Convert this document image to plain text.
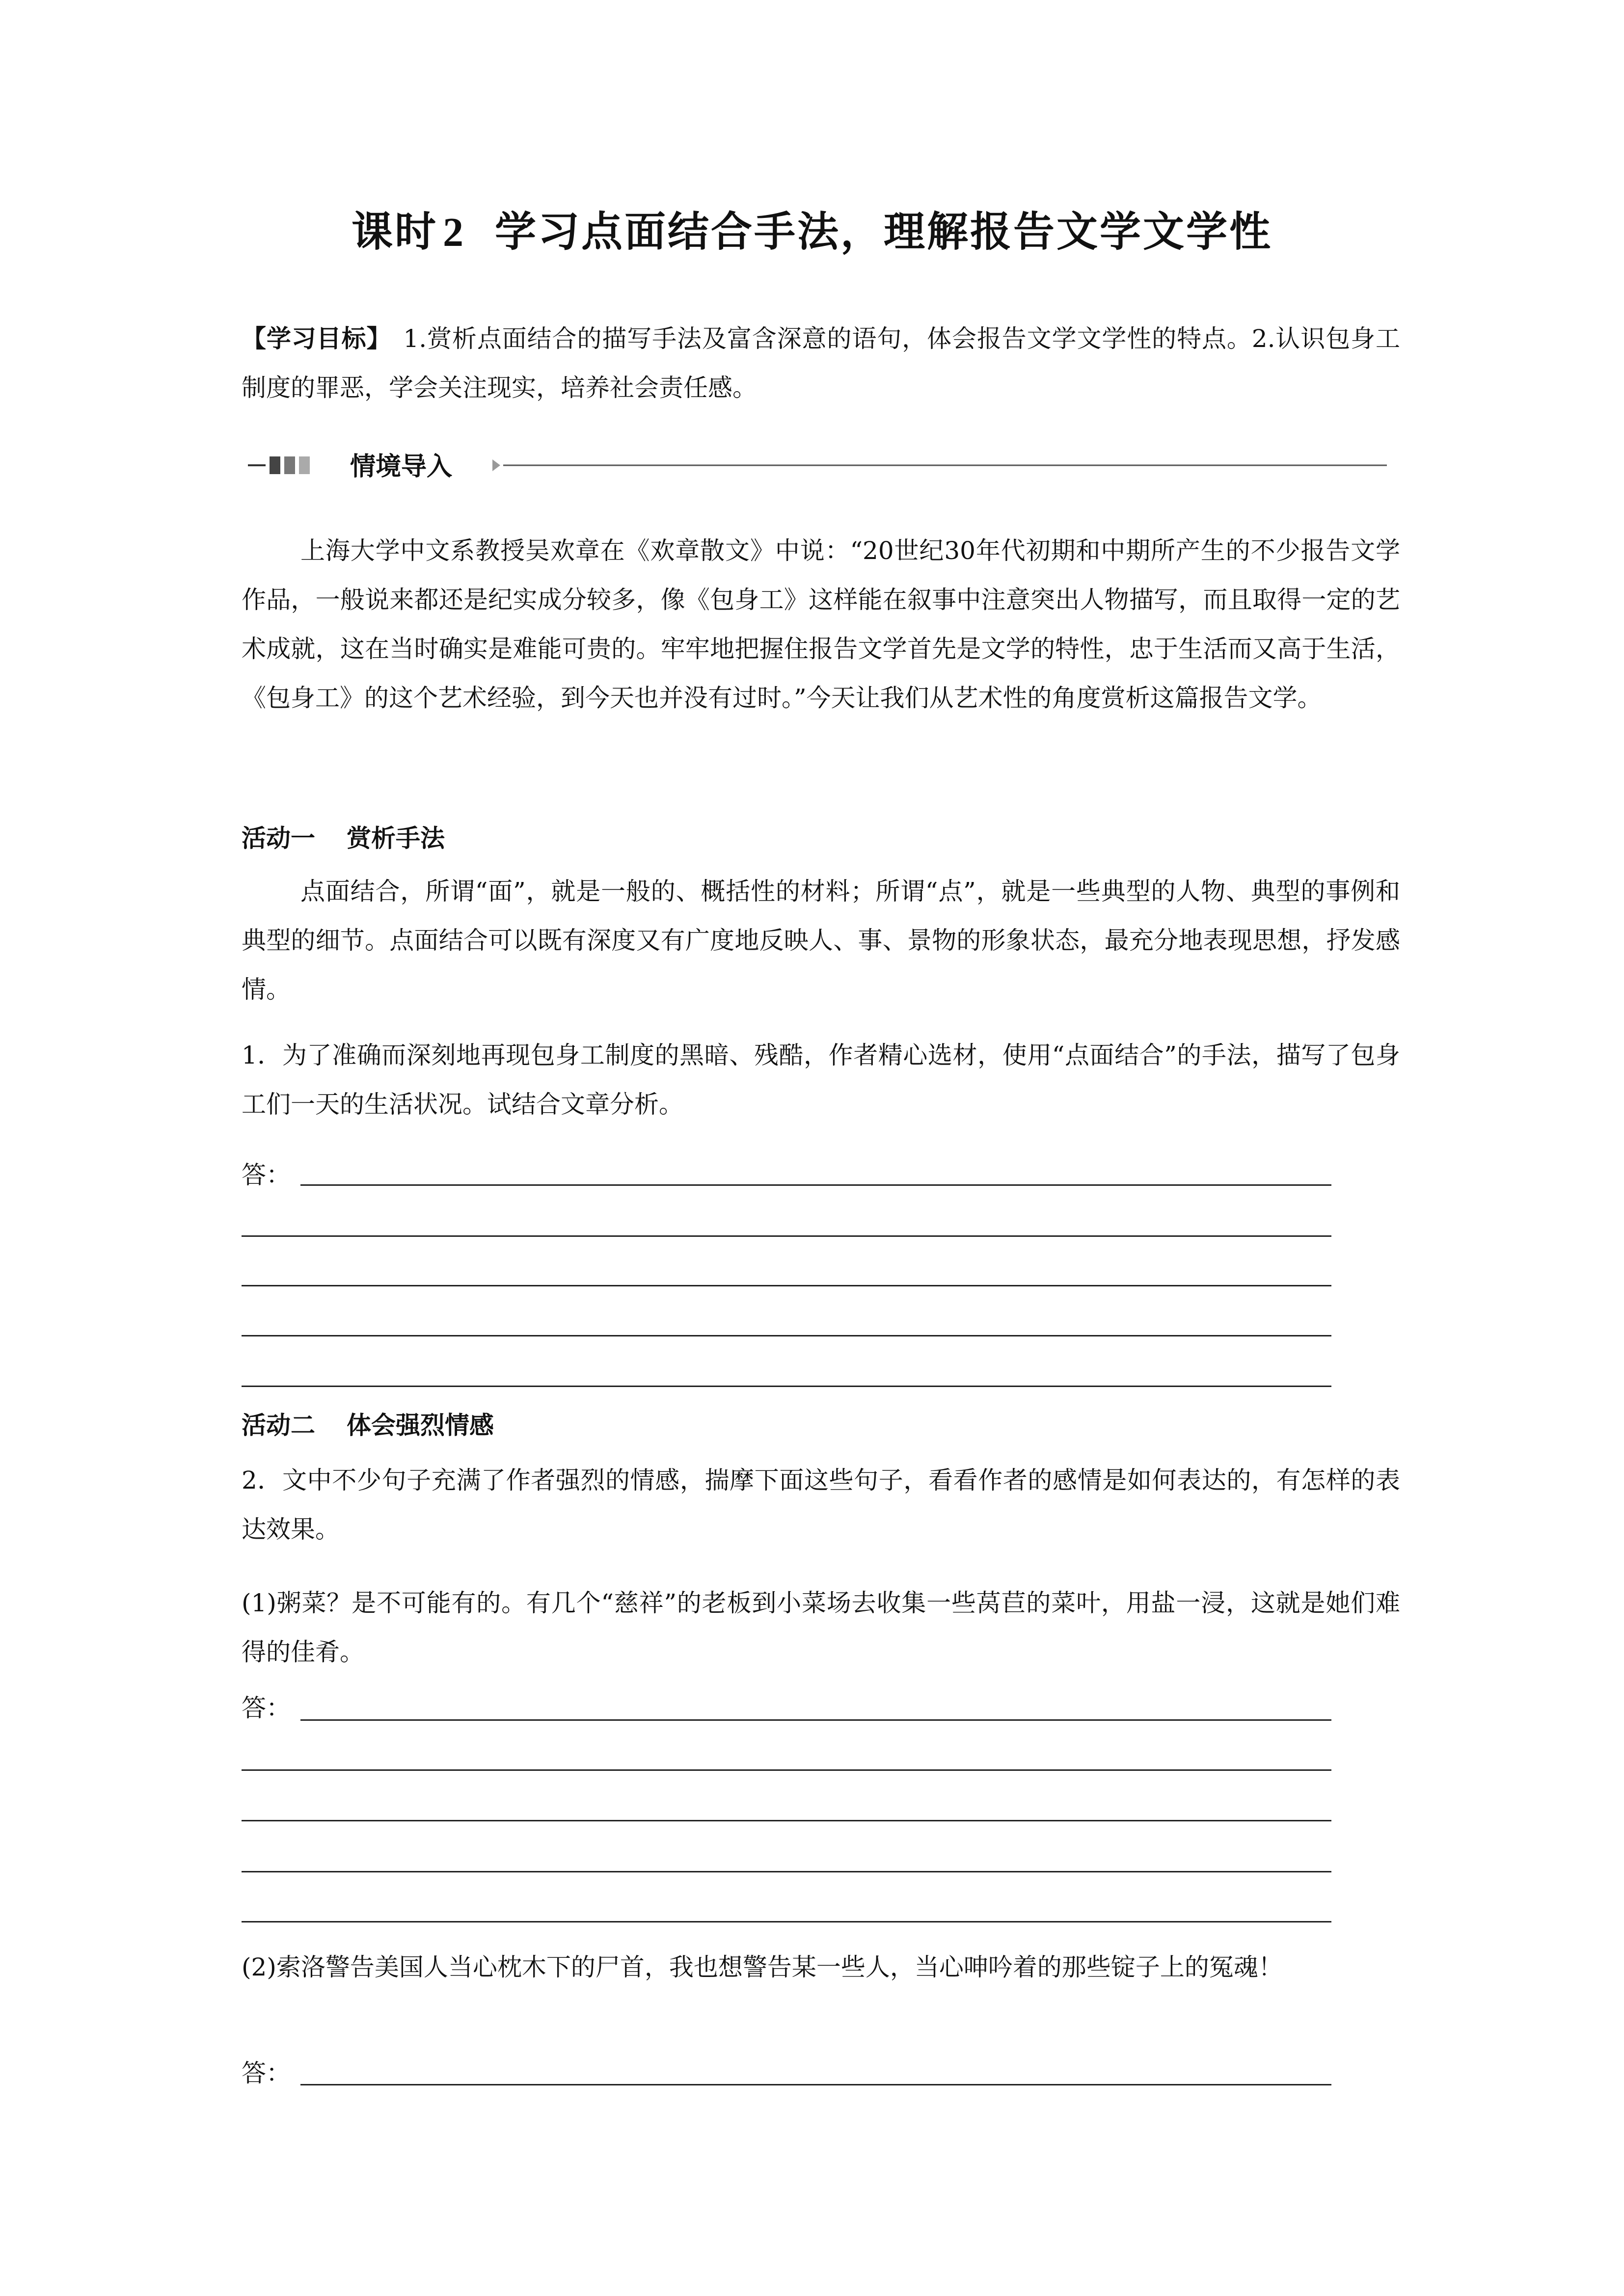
课时 2 学习点面结合手法，理解报告文学文学性
【学习目标】 1.赏析点面结合的描写手法及富含深意的语句，体会报告文学文学性的特点。2.认识包身工制度的罪恶，学会关注现实，培养社会责任感。
情境导入
上海大学中文系教授吴欢章在《欢章散文》中说：“20世纪30年代初期和中期所产生的不少报告文学作品，一般说来都还是纪实成分较多，像《包身工》这样能在叙事中注意突出人物描写，而且取得一定的艺术成就，这在当时确实是难能可贵的。牢牢地把握住报告文学首先是文学的特性，忠于生活而又高于生活，《包身工》的这个艺术经验，到今天也并没有过时。”今天让我们从艺术性的角度赏析这篇报告文学。
活动一 赏析手法
点面结合，所谓“面”，就是一般的、概括性的材料；所谓“点”，就是一些典型的人物、典型的事例和典型的细节。点面结合可以既有深度又有广度地反映人、事、景物的形象状态，最充分地表现思想，抒发感情。
1．为了准确而深刻地再现包身工制度的黑暗、残酷，作者精心选材，使用“点面结合”的手法，描写了包身工们一天的生活状况。试结合文章分析。
答：
活动二 体会强烈情感
2．文中不少句子充满了作者强烈的情感，揣摩下面这些句子，看看作者的感情是如何表达的，有怎样的表达效果。
(1)粥菜？是不可能有的。有几个“慈祥”的老板到小菜场去收集一些莴苣的菜叶，用盐一浸，这就是她们难得的佳肴。
答：
(2)索洛警告美国人当心枕木下的尸首，我也想警告某一些人，当心呻吟着的那些锭子上的冤魂！
答：
